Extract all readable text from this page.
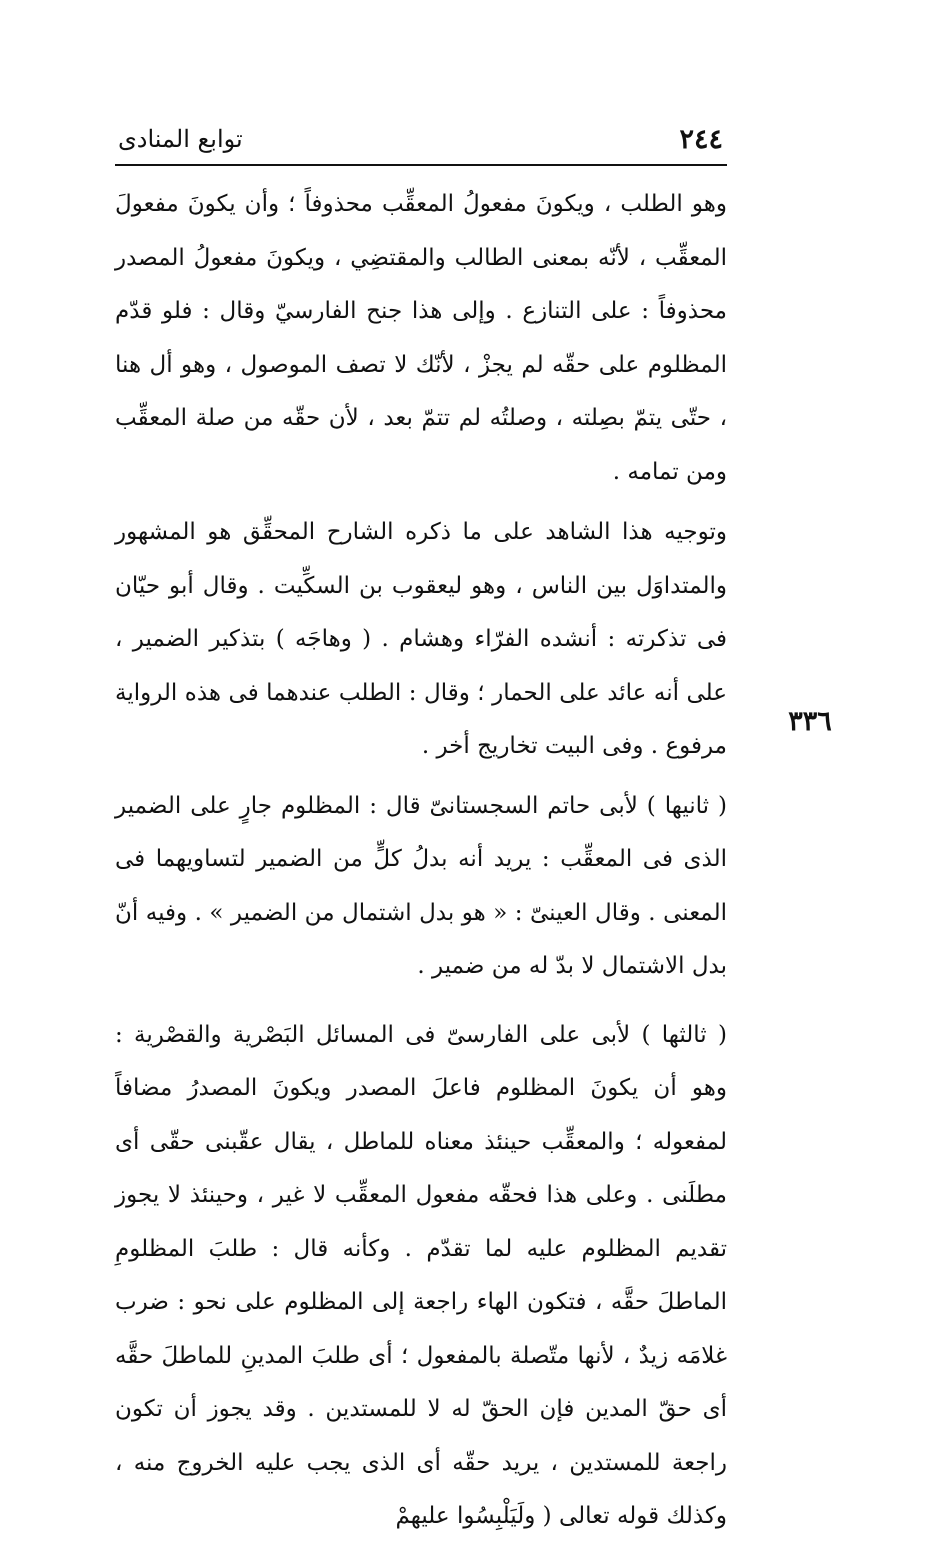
٢٤٤
توابع المنادى
٣٣٦

وهو الطلب ، ويكونَ مفعولُ المعقِّب محذوفاً ؛ وأن يكونَ مفعولَ المعقِّب ، لأنّه بمعنى الطالب والمقتضِي ، ويكونَ مفعولُ المصدر محذوفاً : على التنازع . وإلى هذا جنح الفارسيّ وقال : فلو قدّم المظلوم على حقّه لم يجزْ ، لأنّك لا تصف الموصول ، وهو أل هنا ، حتّى يتمّ بصِلته ، وصلتُه لم تتمّ بعد ، لأن حقّه من صلة المعقِّب ومن تمامه .

وتوجيه هذا الشاهد على ما ذكره الشارح المحقِّق هو المشهور والمتداوَل بين الناس ، وهو ليعقوب بن السكِّيت . وقال أبو حيّان فى تذكرته : أنشده الفرّاء وهشام . ( وهاجَه ) بتذكير الضمير ، على أنه عائد على الحمار ؛ وقال : الطلب عندهما فى هذه الرواية مرفوع . وفى البيت تخاريج أخر .

( ثانيها ) لأبى حاتم السجستانىّ قال : المظلوم جارٍ على الضمير الذى فى المعقِّب : يريد أنه بدلُ كلٍّ من الضمير لتساويهما فى المعنى . وقال العينىّ : « هو بدل اشتمال من الضمير » . وفيه أنّ بدل الاشتمال لا بدّ له من ضمير .

( ثالثها ) لأبى على الفارسىّ فى المسائل البَصْرية والقصْرية : وهو أن يكونَ المظلوم فاعلَ المصدر ويكونَ المصدرُ مضافاً لمفعوله ؛ والمعقِّب حينئذ معناه للماطل ، يقال عقّبنى حقّى أى مطلَنى . وعلى هذا فحقّه مفعول المعقِّب لا غير ، وحينئذ لا يجوز تقديم المظلوم عليه لما تقدّم . وكأنه قال : طلبَ المظلومِ الماطلَ حقَّه ، فتكون الهاء راجعة إلى المظلوم على نحو : ضرب غلامَه زيدٌ ، لأنها متّصلة بالمفعول ؛ أى طلبَ المدينِ للماطلَ حقَّه أى حقّ المدين فإن الحقّ له لا للمستدين . وقد يجوز أن تكون راجعة للمستدين ، يريد حقّه أى الذى يجب عليه الخروج منه ، وكذلك قوله تعالى ( ولَيَلْبِسُوا عليهمْ
